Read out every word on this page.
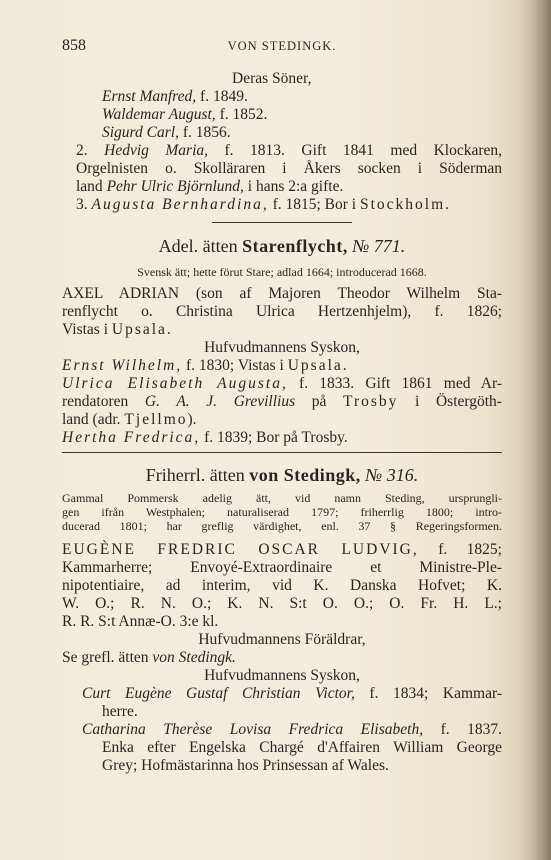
858	VON STEDINGK.
Deras Söner,
Ernst Manfred, f. 1849.
Waldemar August, f. 1852.
Sigurd Carl, f. 1856.
2. Hedvig Maria, f. 1813. Gift 1841 med Klockaren,
Orgelnisten o. Skolläraren i Åkers socken i Söderman
land Pehr Ulric Björnlund, i hans 2:a gifte.
3. Augusta Bernhardina, f. 1815; Bor i Stockholm.
Adel. ätten Starenflycht, № 771.
Svensk ätt; hette förut Stare; adlad 1664; introducerad 1668.
AXEL ADRIAN (son af Majoren Theodor Wilhelm Sta-
renflycht o. Christina Ulrica Hertzenhjelm), f. 1826;
Vistas i Upsala.
Hufvudmannens Syskon,
Ernst Wilhelm, f. 1830; Vistas i Upsala.
Ulrica Elisabeth Augusta, f. 1833. Gift 1861 med Ar-
rendatoren G. A. J. Grevillius på Trosby i Östergöth-
land (adr. Tjellmo).
Hertha Fredrica, f. 1839; Bor på Trosby.
Friherrl. ätten von Stedingk, № 316.
Gammal Pommersk adelig ätt, vid namn Steding, ursprungli-
gen ifrån Westphalen; naturaliserad 1797; friherrlig 1800; intro-
ducerad 1801; har greflig värdighet, enl. 37 § Regeringsformen.
EUGÈNE FREDRIC OSCAR LUDVIG, f. 1825;
Kammarherre; Envoyé-Extraordinaire et Ministre-Ple-
nipotentiaire, ad interim, vid K. Danska Hofvet; K.
W. O.; R. N. O.; K. N. S:t O. O.; O. Fr. H. L.;
R. R. S:t Annæ-O. 3:e kl.
Hufvudmannens Föräldrar,
Se grefl. ätten von Stedingk.
Hufvudmannens Syskon,
Curt Eugène Gustaf Christian Victor, f. 1834; Kammar-
herre.
Catharina Therèse Lovisa Fredrica Elisabeth, f. 1837.
Enka efter Engelska Chargé d'Affairen William George
Grey; Hofmästarinna hos Prinsessan af Wales.
